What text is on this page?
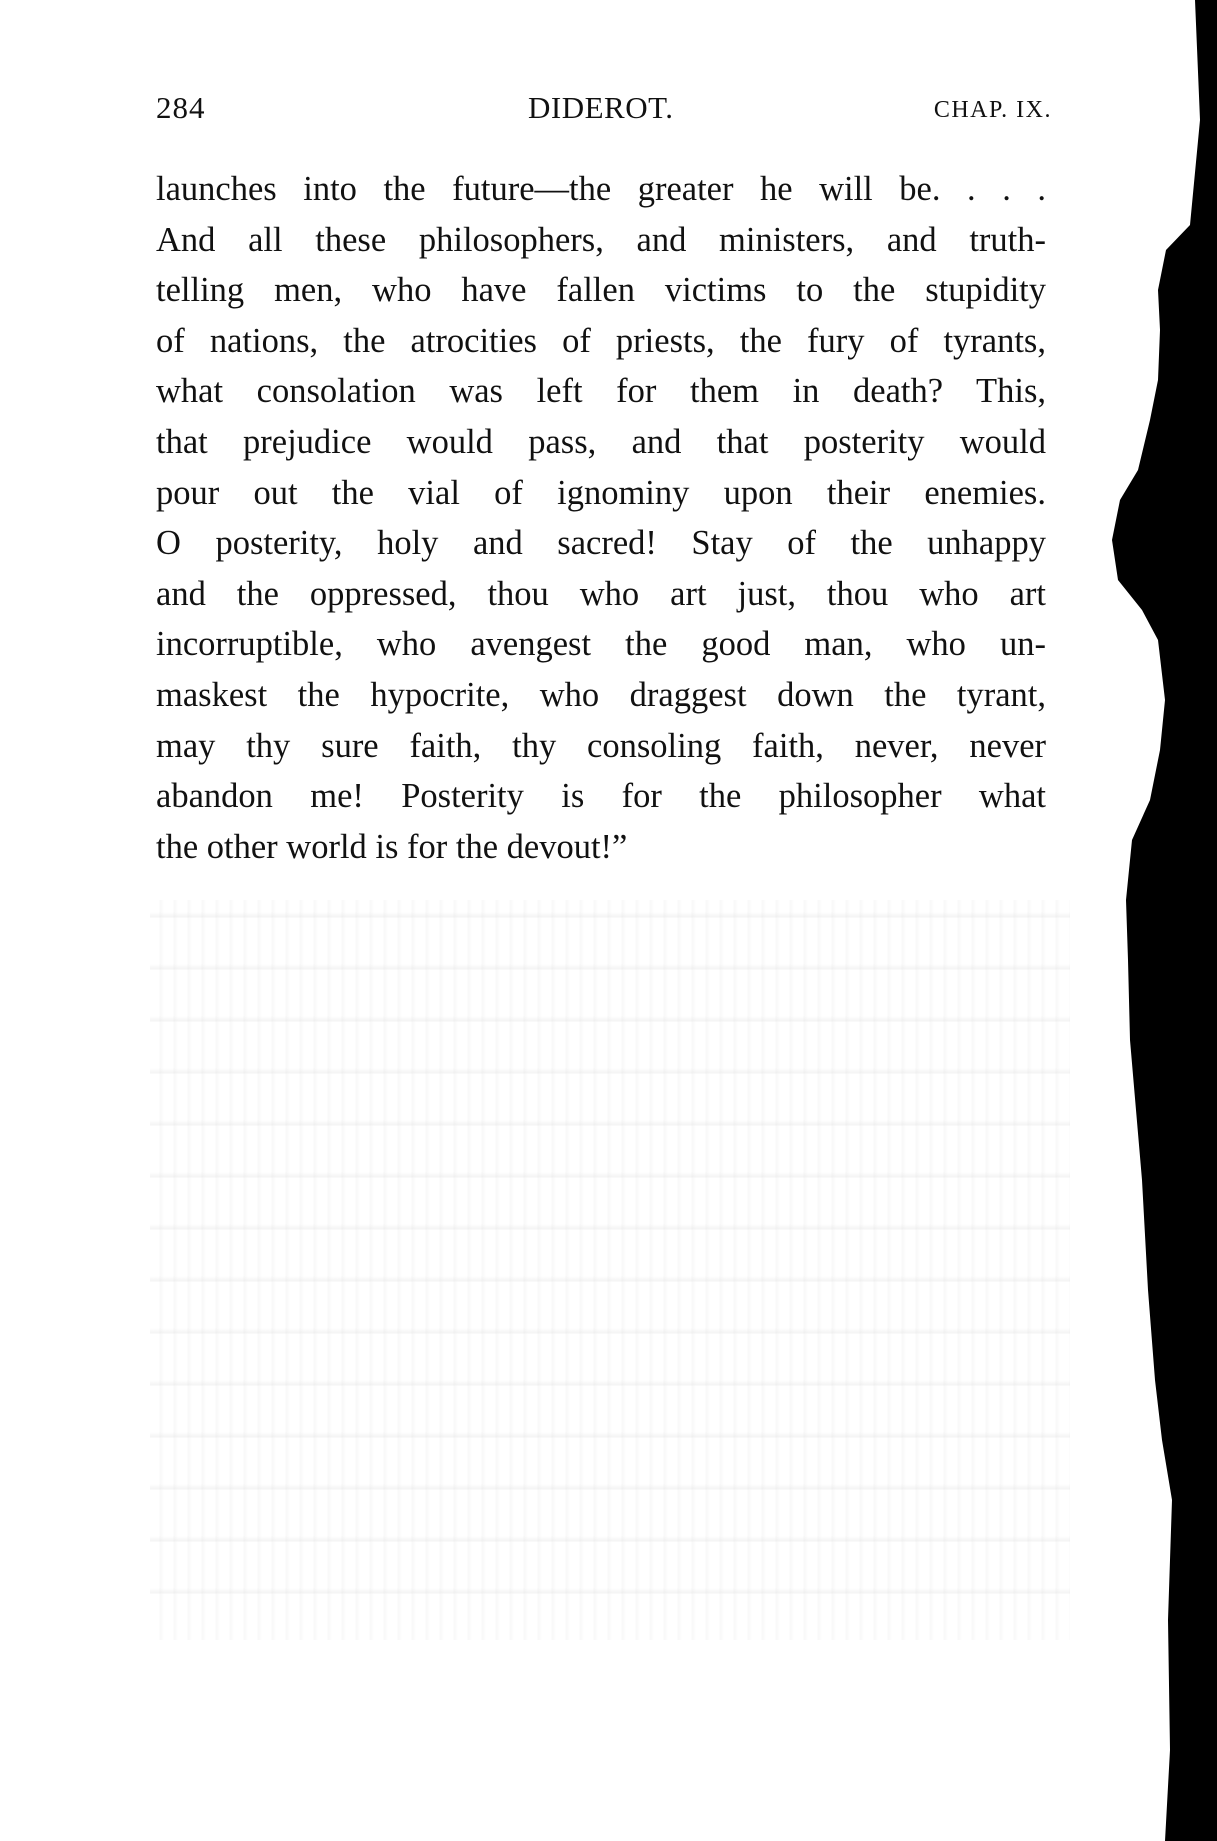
284	DIDEROT.	CHAP. IX.
launches into the future—the greater he will be. . . .
And all these philosophers, and ministers, and truth-
telling men, who have fallen victims to the stupidity
of nations, the atrocities of priests, the fury of tyrants,
what consolation was left for them in death? This,
that prejudice would pass, and that posterity would
pour out the vial of ignominy upon their enemies.
O posterity, holy and sacred! Stay of the unhappy
and the oppressed, thou who art just, thou who art
incorruptible, who avengest the good man, who un-
maskest the hypocrite, who draggest down the tyrant,
may thy sure faith, thy consoling faith, never, never
abandon me! Posterity is for the philosopher what
the other world is for the devout!”
